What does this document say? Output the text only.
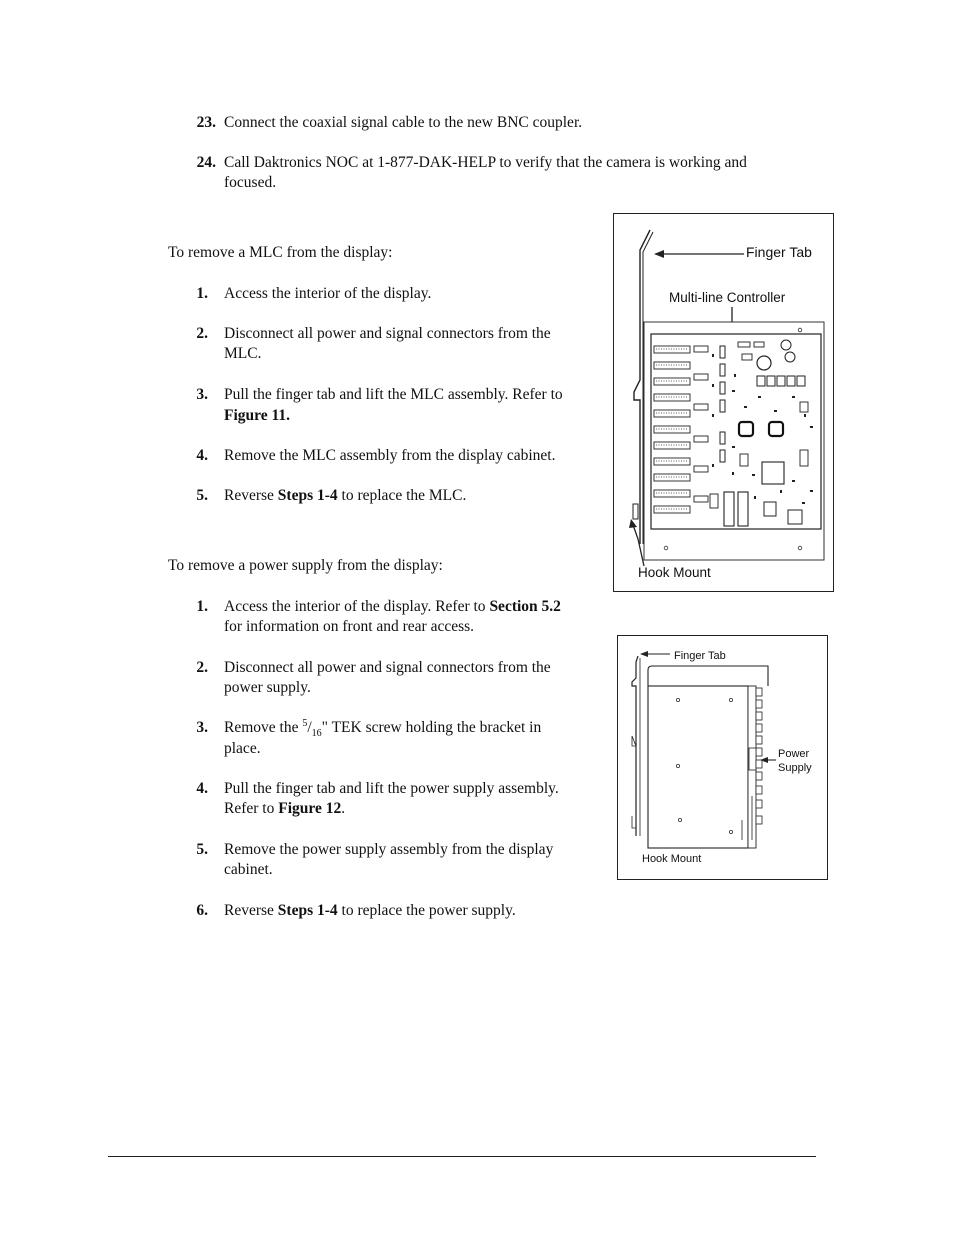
23. Connect the coaxial signal cable to the new BNC coupler.
24. Call Daktronics NOC at 1-877-DAK-HELP to verify that the camera is working and
focused.
To remove a MLC from the display:
1. Access the interior of the display.
2. Disconnect all power and signal connectors from the
MLC.
3. Pull the finger tab and lift the MLC assembly. Refer to
Figure 11.
4. Remove the MLC assembly from the display cabinet.
5. Reverse Steps 1-4 to replace the MLC.
To remove a power supply from the display:
1. Access the interior of the display. Refer to Section 5.2
for information on front and rear access.
2. Disconnect all power and signal connectors from the
power supply.
3. Remove the $^5/_{16}$" TEK screw holding the bracket in
place.
4. Pull the finger tab and lift the power supply assembly.
Refer to Figure 12.
5. Remove the power supply assembly from the display
cabinet.
6. Reverse Steps 1-4 to replace the power supply.
Finger Tab
Multi-line Controller
Hook Mount
Finger Tab
Power
Supply
Hook Mount
